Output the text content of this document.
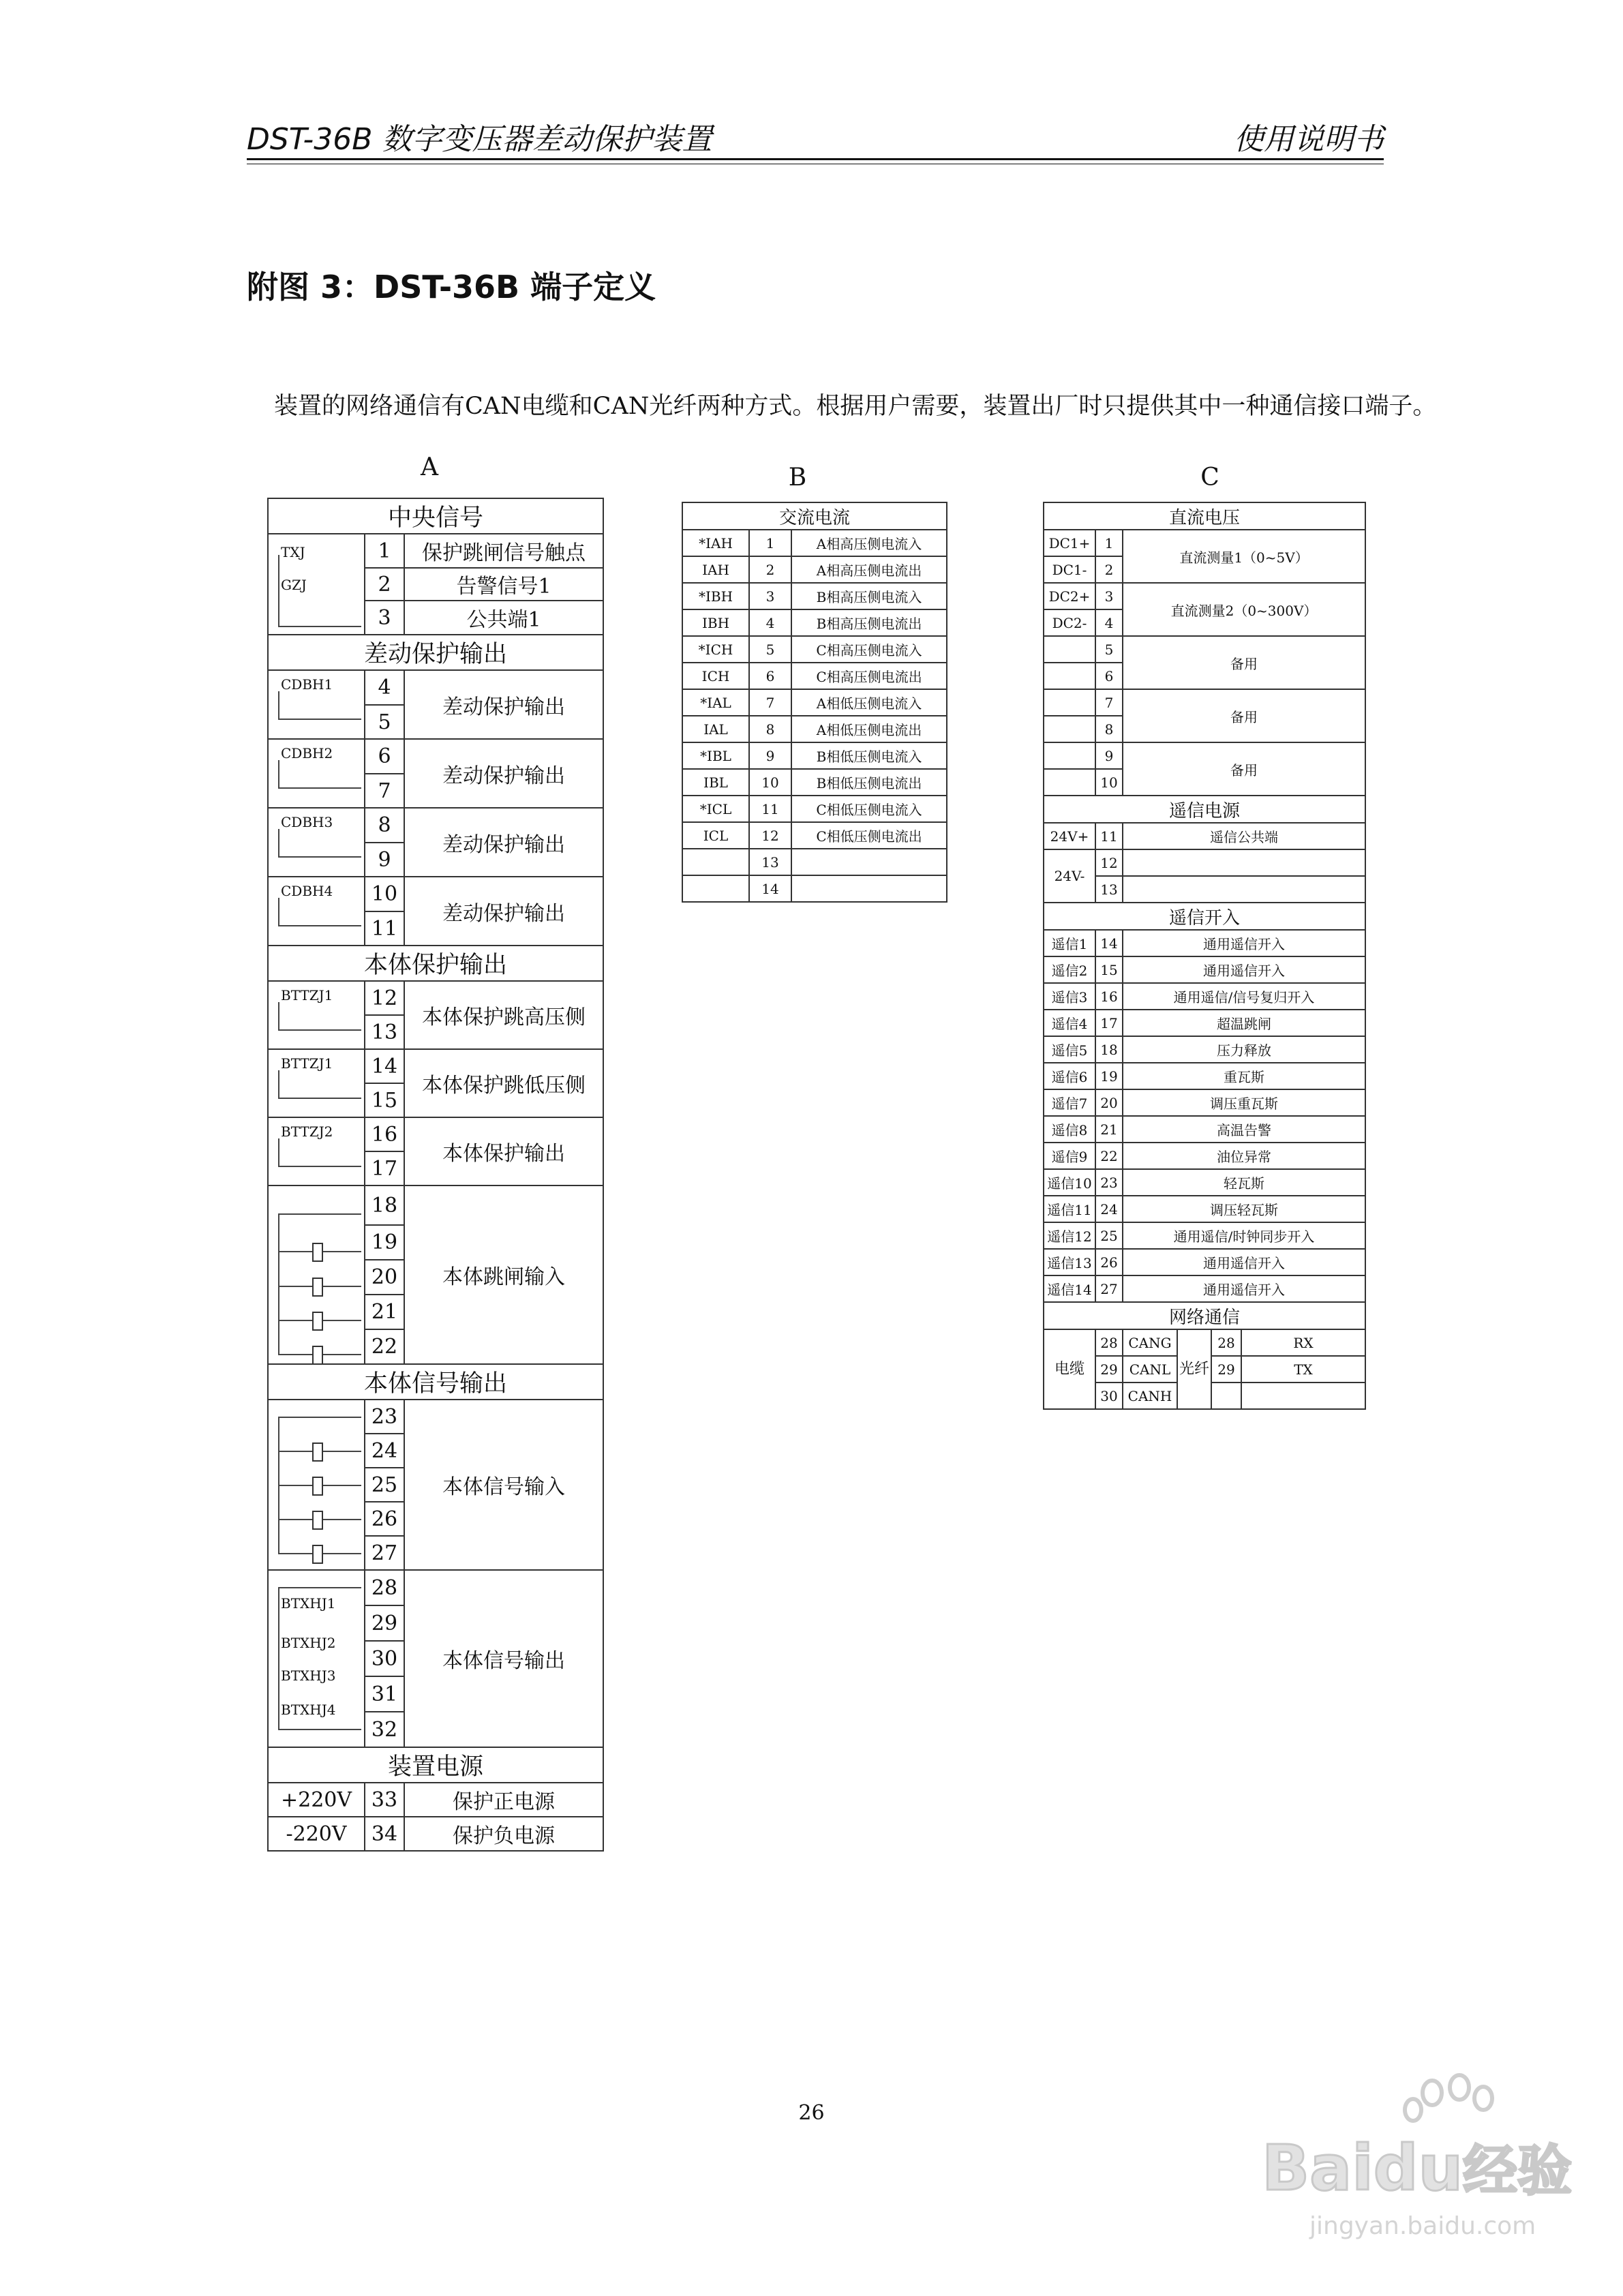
DST-36B 数字变压器差动保护装置	使用说明书
附图 3：DST-36B 端子定义
装置的网络通信有CAN电缆和CAN光纤两种方式。根据用户需要，装置出厂时只提供其中一种通信接口端子。
A	B	C
中央信号		

TXJ
GZJ	1	保护跳闸信号触点
	2	告警信号1
	3	公共端1
差动保护输出		

CDBH1	4	差动保护输出
	5	

CDBH2	6	差动保护输出
	7	

CDBH3	8	差动保护输出
	9	

CDBH4	10	差动保护输出
	11	
本体保护输出		

BTTZJ1	12	本体保护跳高压侧
	13	

BTTZJ1	14	本体保护跳低压侧
	15	

BTTZJ2	16	本体保护输出
	17	

	18	本体跳闸输入
	19	
	20	
	21	
	22	
本体信号输出		

	23	本体信号输入
	24	
	25	
	26	
	27	

BTXHJ1
BTXHJ2
BTXHJ3
BTXHJ4	28	本体信号输出
	29	
	30	
	31	
	32	
装置电源		
+220V	33	保护正电源
-220V	34	保护负电源
交流电流		
*IAH	1	A相高压侧电流入
IAH	2	A相高压侧电流出
*IBH	3	B相高压侧电流入
IBH	4	B相高压侧电流出
*ICH	5	C相高压侧电流入
ICH	6	C相高压侧电流出
*IAL	7	A相低压侧电流入
IAL	8	A相低压侧电流出
*IBL	9	B相低压侧电流入
IBL	10	B相低压侧电流出
*ICL	11	C相低压侧电流入
ICL	12	C相低压侧电流出
	13	
	14	
直流电压					
DC1+	1	直流测量1（0~5V）			
DC1-	2				
DC2+	3	直流测量2（0~300V）			
DC2-	4				
	5	备用			
	6				
	7	备用			
	8				
	9	备用			
	10				
遥信电源					
24V+	11	遥信公共端			
24V-	12				
	13				
遥信开入					
遥信1	14	通用遥信开入			
遥信2	15	通用遥信开入			
遥信3	16	通用遥信/信号复归开入			
遥信4	17	超温跳闸			
遥信5	18	压力释放			
遥信6	19	重瓦斯			
遥信7	20	调压重瓦斯			
遥信8	21	高温告警			
遥信9	22	油位异常			
遥信10	23	轻瓦斯			
遥信11	24	调压轻瓦斯			
遥信12	25	通用遥信/时钟同步开入			
遥信13	26	通用遥信开入			
遥信14	27	通用遥信开入			
网络通信					
电缆	28	CANG	光纤	28	RX
	29	CANL		29	TX
	30	CANH			
26
Baidu经验
jingyan.baidu.com
